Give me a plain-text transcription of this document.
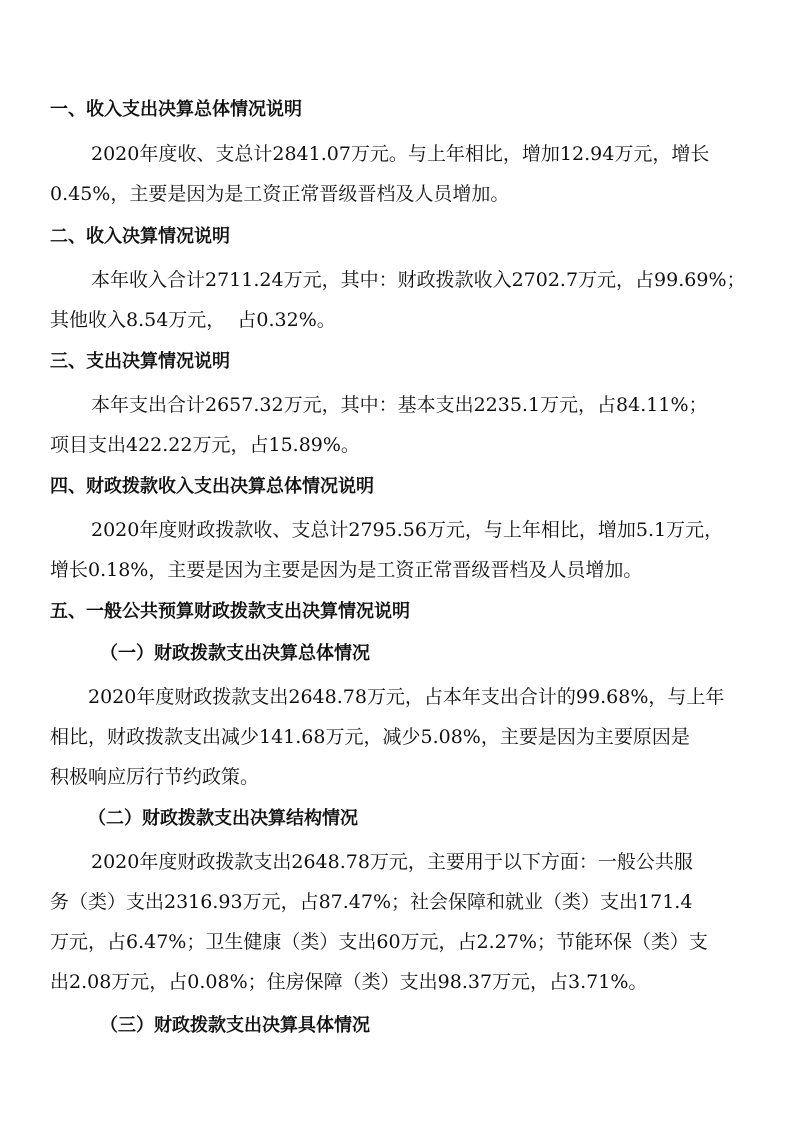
一、收入支出决算总体情况说明
2020年度收、支总计2841.07万元。与上年相比，增加12.94万元，增长
0.45%，主要是因为是工资正常晋级晋档及人员增加。
二、收入决算情况说明
本年收入合计2711.24万元，其中：财政拨款收入2702.7万元，占99.69%；
其他收入8.54万元，  占0.32%。
三、支出决算情况说明
本年支出合计2657.32万元，其中：基本支出2235.1万元，占84.11%；
项目支出422.22万元，占15.89%。
四、财政拨款收入支出决算总体情况说明
2020年度财政拨款收、支总计2795.56万元，与上年相比，增加5.1万元，
增长0.18%，主要是因为主要是因为是工资正常晋级晋档及人员增加。
五、一般公共预算财政拨款支出决算情况说明
（一）财政拨款支出决算总体情况
2020年度财政拨款支出2648.78万元，占本年支出合计的99.68%，与上年
相比，财政拨款支出减少141.68万元，减少5.08%，主要是因为主要原因是
积极响应厉行节约政策。
（二）财政拨款支出决算结构情况
2020年度财政拨款支出2648.78万元，主要用于以下方面：一般公共服
务（类）支出2316.93万元，占87.47%；社会保障和就业（类）支出171.4
万元，占6.47%；卫生健康（类）支出60万元，占2.27%；节能环保（类）支
出2.08万元，占0.08%；住房保障（类）支出98.37万元，占3.71%。
（三）财政拨款支出决算具体情况
